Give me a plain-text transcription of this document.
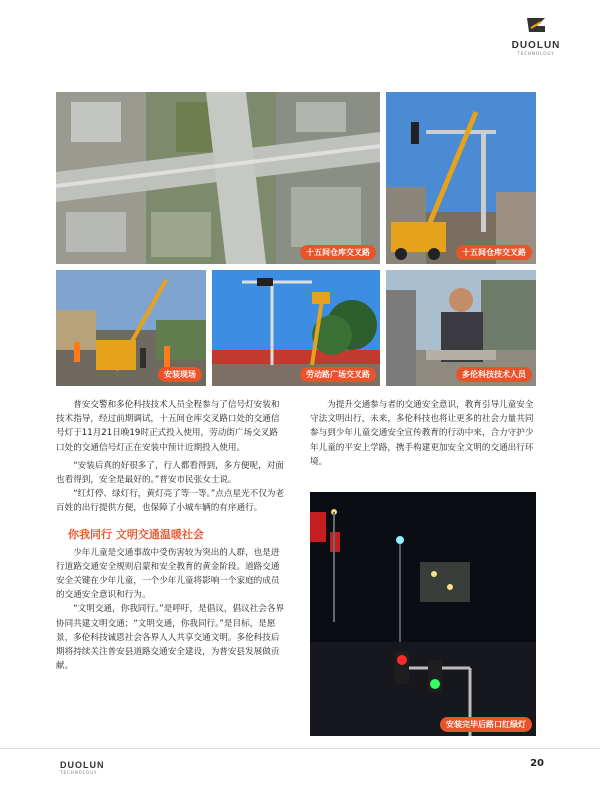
DUOLUN
TECHNOLOGY
十五间仓库交叉路	十五间仓库交叉路
安装现场	劳动路广场交叉路	多伦科技技术人员

普安交警和多伦科技技术人员全程参与了信号灯安装和技术指导，经过前期调试，十五间仓库交叉路口处的交通信号灯于11月21日晚19时正式投入使用，劳动街广场交叉路口处的交通信号灯正在安装中预计近期投入使用。

“安装后真的好很多了，行人都看得到，多方便呢，对面也看得到，安全是最好的。”普安市民张女士说。

“红灯停、绿灯行，黄灯亮了等一等。”点点星光不仅为老百姓的出行提供方便，也保障了小城车辆的有序通行。

你我同行 文明交通温暖社会

少年儿童是交通事故中受伤害较为突出的人群，也是进行道路交通安全规则启蒙和安全教育的黄金阶段。道路交通安全关键在少年儿童，一个少年儿童将影响一个家庭的成员的交通安全意识和行为。

“文明交通，你我同行。”是呼吁，是倡议，倡议社会各界协同共建文明交通；“文明交通，你我同行。”是目标，是愿景，多伦科技诚恩社会各界人人共享交通文明。多伦科技后期将持续关注普安县道路交通安全建设，为普安县发展做贡献。

为提升交通参与者的交通安全意识，教育引导儿童安全守法文明出行，未来，多伦科技也将让更多的社会力量共同参与到少年儿童交通安全宣传教育的行动中来，合力守护少年儿童的平安上学路，携手构建更加安全文明的交通出行环境。

安装完毕后路口红绿灯
DUOLUN
TECHNOLOGY
20
